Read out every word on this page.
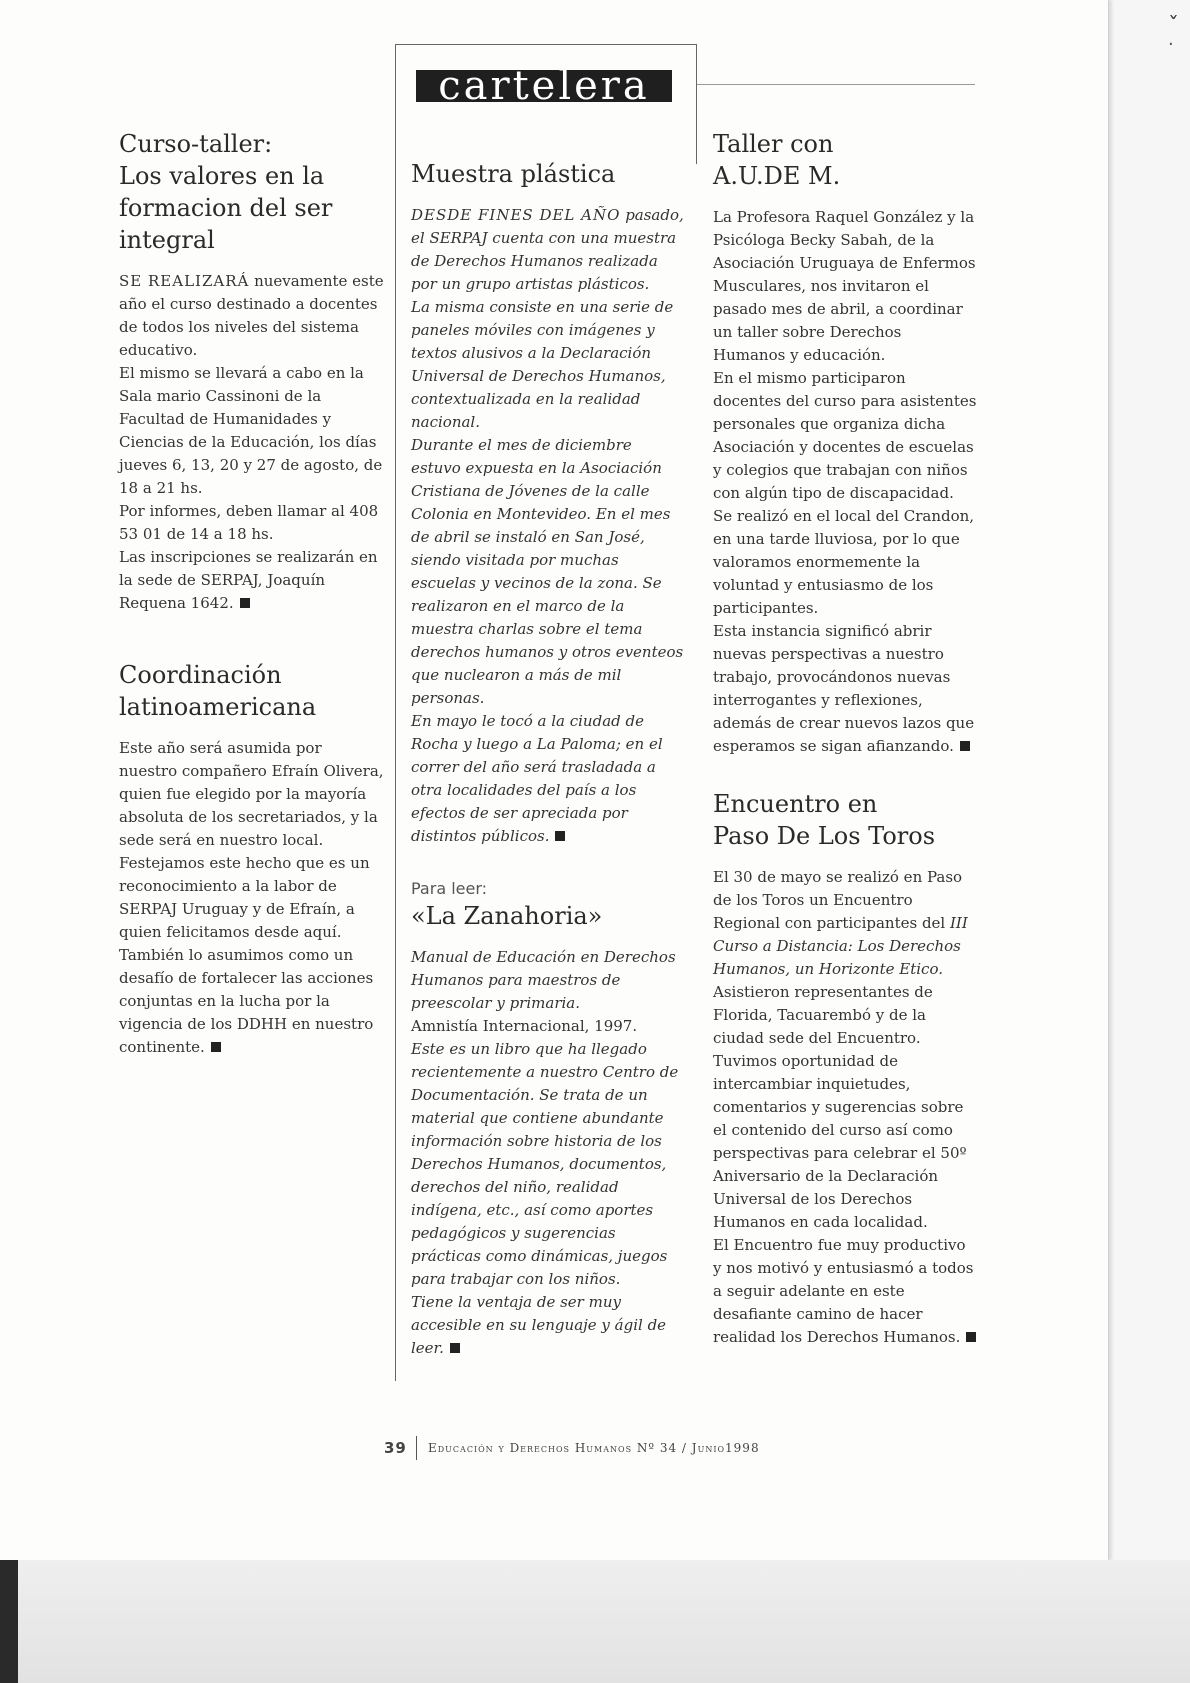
ˇ
·
cartelera
Curso-taller:
Los valores en la
formacion del ser
integral

SE REALIZARÁ nuevamente este año el curso destinado a docentes de todos los niveles del sistema educativo.

El mismo se llevará a cabo en la Sala mario Cassinoni de la Facultad de Humanidades y Ciencias de la Educación, los días jueves 6, 13, 20 y 27 de agosto, de 18 a 21 hs.

Por informes, deben llamar al 408 53 01 de 14 a 18 hs.

Las inscripciones se realizarán en la sede de SERPAJ, Joaquín Requena 1642.

Coordinación
latinoamericana

Este año será asumida por nuestro compañero Efraín Olivera, quien fue elegido por la mayoría absoluta de los secretariados, y la sede será en nuestro local.

Festejamos este hecho que es un reconocimiento a la labor de SERPAJ Uruguay y de Efraín, a quien felicitamos desde aquí.

También lo asumimos como un desafío de fortalecer las acciones conjuntas en la lucha por la vigencia de los DDHH en nuestro continente.

Muestra plástica

DESDE FINES DEL AÑO pasado, el SERPAJ cuenta con una muestra de Derechos Humanos realizada por un grupo artistas plásticos.

La misma consiste en una serie de paneles móviles con imágenes y textos alusivos a la Declaración Universal de Derechos Humanos, contextualizada en la realidad nacional.

Durante el mes de diciembre estuvo expuesta en la Asociación Cristiana de Jóvenes de la calle Colonia en Montevideo. En el mes de abril se instaló en San José, siendo visitada por muchas escuelas y vecinos de la zona. Se realizaron en el marco de la muestra charlas sobre el tema derechos humanos y otros eventeos que nuclearon a más de mil personas.

En mayo le tocó a la ciudad de Rocha y luego a La Paloma; en el correr del año será trasladada a otra localidades del país a los efectos de ser apreciada por distintos públicos.

Para leer:

«La Zanahoria»

Manual de Educación en Derechos Humanos para maestros de preescolar y primaria.

Amnistía Internacional, 1997.

Este es un libro que ha llegado recientemente a nuestro Centro de Documentación. Se trata de un material que contiene abundante información sobre historia de los Derechos Humanos, documentos, derechos del niño, realidad indígena, etc., así como aportes pedagógicos y sugerencias prácticas como dinámicas, juegos para trabajar con los niños.

Tiene la ventaja de ser muy accesible en su lenguaje y ágil de leer.

Taller con
A.U.DE M.

La Profesora Raquel González y la Psicóloga Becky Sabah, de la Asociación Uruguaya de Enfermos Musculares, nos invitaron el pasado mes de abril, a coordinar un taller sobre Derechos Humanos y educación.

En el mismo participaron docentes del curso para asistentes personales que organiza dicha Asociación y docentes de escuelas y colegios que trabajan con niños con algún tipo de discapacidad.

Se realizó en el local del Crandon, en una tarde lluviosa, por lo que valoramos enormemente la voluntad y entusiasmo de los participantes.

Esta instancia significó abrir nuevas perspectivas a nuestro trabajo, provocándonos nuevas interrogantes y reflexiones, además de crear nuevos lazos que esperamos se sigan afianzando.

Encuentro en
Paso De Los Toros

El 30 de mayo se realizó en Paso de los Toros un Encuentro Regional con participantes del III Curso a Distancia: Los Derechos Humanos, un Horizonte Etico. Asistieron representantes de Florida, Tacuarembó y de la ciudad sede del Encuentro.

Tuvimos oportunidad de intercambiar inquietudes, comentarios y sugerencias sobre el contenido del curso así como perspectivas para celebrar el 50º Aniversario de la Declaración Universal de los Derechos Humanos en cada localidad.

El Encuentro fue muy productivo y nos motivó y entusiasmó a todos a seguir adelante en este desafiante camino de hacer realidad los Derechos Humanos.

39 Educación y Derechos Humanos Nº 34 / Junio1998
